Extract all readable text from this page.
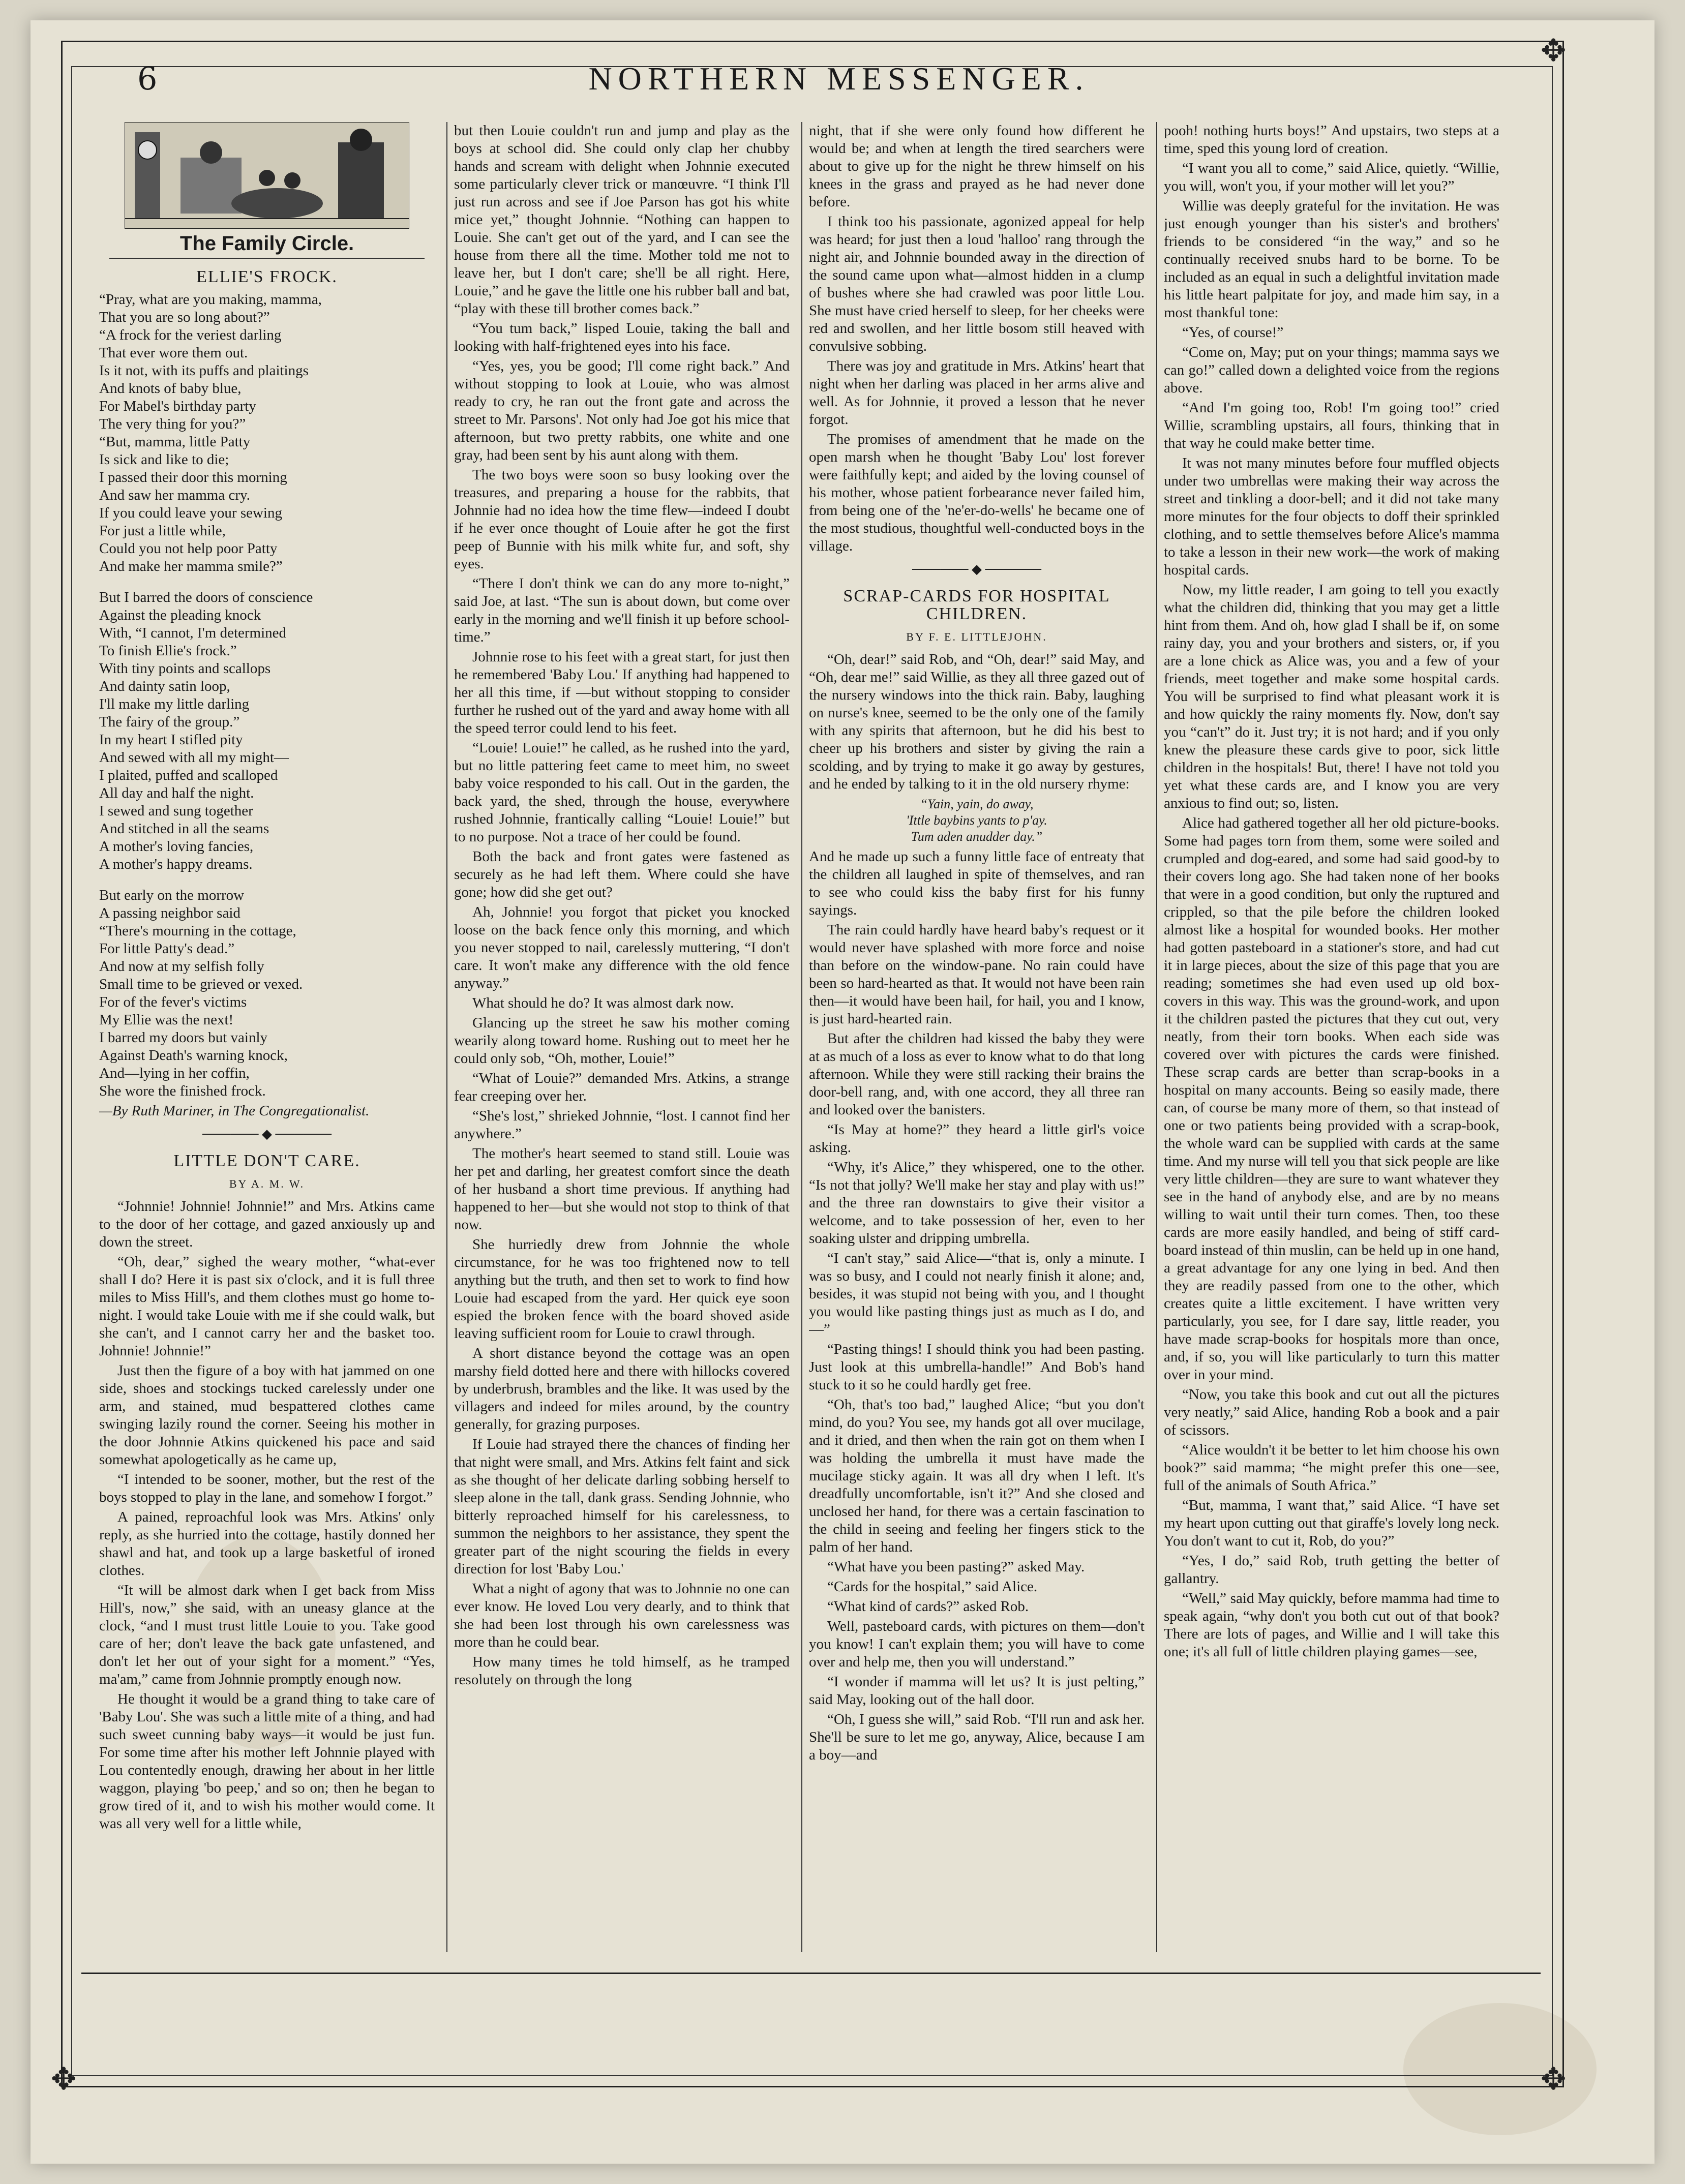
✥	✥
✥
6	NORTHERN MESSENGER.
The Family Circle.
ELLIE'S FROCK.

“Pray, what are you making, mamma,
That you are so long about?”
“A frock for the veriest darling
That ever wore them out.
Is it not, with its puffs and plaitings
And knots of baby blue,
For Mabel's birthday party
The very thing for you?”
“But, mamma, little Patty
Is sick and like to die;
I passed their door this morning
And saw her mamma cry.
If you could leave your sewing
For just a little while,
Could you not help poor Patty
And make her mamma smile?”

But I barred the doors of conscience
Against the pleading knock
With, “I cannot, I'm determined
To finish Ellie's frock.”
With tiny points and scallops
And dainty satin loop,
I'll make my little darling
The fairy of the group.”
In my heart I stifled pity
And sewed with all my might—
I plaited, puffed and scalloped
All day and half the night.
I sewed and sung together
And stitched in all the seams
A mother's loving fancies,
A mother's happy dreams.

But early on the morrow
A passing neighbor said
“There's mourning in the cottage,
For little Patty's dead.”
And now at my selfish folly
Small time to be grieved or vexed.
For of the fever's victims
My Ellie was the next!
I barred my doors but vainly
Against Death's warning knock,
And—lying in her coffin,
She wore the finished frock.

—By Ruth Mariner, in The Congregationalist.
────── ◆ ──────
LITTLE DON'T CARE.
BY A. M. W.

“Johnnie! Johnnie! Johnnie!” and Mrs. Atkins came to the door of her cottage, and gazed anxiously up and down the street.

“Oh, dear,” sighed the weary mother, “what-ever shall I do? Here it is past six o'clock, and it is full three miles to Miss Hill's, and them clothes must go home to-night. I would take Louie with me if she could walk, but she can't, and I cannot carry her and the basket too. Johnnie! Johnnie!”

Just then the figure of a boy with hat jammed on one side, shoes and stockings tucked carelessly under one arm, and stained, mud bespattered clothes came swinging lazily round the corner. Seeing his mother in the door Johnnie Atkins quickened his pace and said somewhat apologetically as he came up,

“I intended to be sooner, mother, but the rest of the boys stopped to play in the lane, and somehow I forgot.”

A pained, reproachful look was Mrs. Atkins' only reply, as she hurried into the cottage, hastily donned her shawl and hat, and took up a large basketful of ironed clothes.

“It will be almost dark when I get back from Miss Hill's, now,” she said, with an uneasy glance at the clock, “and I must trust little Louie to you. Take good care of her; don't leave the back gate unfastened, and don't let her out of your sight for a moment.” “Yes, ma'am,” came from Johnnie promptly enough now.

He thought it would be a grand thing to take care of 'Baby Lou'. She was such a little mite of a thing, and had such sweet cunning baby ways—it would be just fun. For some time after his mother left Johnnie played with Lou contentedly enough, drawing her about in her little waggon, playing 'bo peep,' and so on; then he began to grow tired of it, and to wish his mother would come. It was all very well for a little while,

but then Louie couldn't run and jump and play as the boys at school did. She could only clap her chubby hands and scream with delight when Johnnie executed some particularly clever trick or manœuvre. “I think I'll just run across and see if Joe Parson has got his white mice yet,” thought Johnnie. “Nothing can happen to Louie. She can't get out of the yard, and I can see the house from there all the time. Mother told me not to leave her, but I don't care; she'll be all right. Here, Louie,” and he gave the little one his rubber ball and bat, “play with these till brother comes back.”

“You tum back,” lisped Louie, taking the ball and looking with half-frightened eyes into his face.

“Yes, yes, you be good; I'll come right back.” And without stopping to look at Louie, who was almost ready to cry, he ran out the front gate and across the street to Mr. Parsons'. Not only had Joe got his mice that afternoon, but two pretty rabbits, one white and one gray, had been sent by his aunt along with them.

The two boys were soon so busy looking over the treasures, and preparing a house for the rabbits, that Johnnie had no idea how the time flew—indeed I doubt if he ever once thought of Louie after he got the first peep of Bunnie with his milk white fur, and soft, shy eyes.

“There I don't think we can do any more to-night,” said Joe, at last. “The sun is about down, but come over early in the morning and we'll finish it up before school-time.”

Johnnie rose to his feet with a great start, for just then he remembered 'Baby Lou.' If anything had happened to her all this time, if —but without stopping to consider further he rushed out of the yard and away home with all the speed terror could lend to his feet.

“Louie! Louie!” he called, as he rushed into the yard, but no little pattering feet came to meet him, no sweet baby voice responded to his call. Out in the garden, the back yard, the shed, through the house, everywhere rushed Johnnie, frantically calling “Louie! Louie!” but to no purpose. Not a trace of her could be found.

Both the back and front gates were fastened as securely as he had left them. Where could she have gone; how did she get out?

Ah, Johnnie! you forgot that picket you knocked loose on the back fence only this morning, and which you never stopped to nail, carelessly muttering, “I don't care. It won't make any difference with the old fence anyway.”

What should he do? It was almost dark now.

Glancing up the street he saw his mother coming wearily along toward home. Rushing out to meet her he could only sob, “Oh, mother, Louie!”

“What of Louie?” demanded Mrs. Atkins, a strange fear creeping over her.

“She's lost,” shrieked Johnnie, “lost. I cannot find her anywhere.”

The mother's heart seemed to stand still. Louie was her pet and darling, her greatest comfort since the death of her husband a short time previous. If anything had happened to her—but she would not stop to think of that now.

She hurriedly drew from Johnnie the whole circumstance, for he was too frightened now to tell anything but the truth, and then set to work to find how Louie had escaped from the yard. Her quick eye soon espied the broken fence with the board shoved aside leaving sufficient room for Louie to crawl through.

A short distance beyond the cottage was an open marshy field dotted here and there with hillocks covered by underbrush, brambles and the like. It was used by the villagers and indeed for miles around, by the country generally, for grazing purposes.

If Louie had strayed there the chances of finding her that night were small, and Mrs. Atkins felt faint and sick as she thought of her delicate darling sobbing herself to sleep alone in the tall, dank grass. Sending Johnnie, who bitterly reproached himself for his carelessness, to summon the neighbors to her assistance, they spent the greater part of the night scouring the fields in every direction for lost 'Baby Lou.'

What a night of agony that was to Johnnie no one can ever know. He loved Lou very dearly, and to think that she had been lost through his own carelessness was more than he could bear.

How many times he told himself, as he tramped resolutely on through the long

night, that if she were only found how different he would be; and when at length the tired searchers were about to give up for the night he threw himself on his knees in the grass and prayed as he had never done before.

I think too his passionate, agonized appeal for help was heard; for just then a loud 'halloo' rang through the night air, and Johnnie bounded away in the direction of the sound came upon what—almost hidden in a clump of bushes where she had crawled was poor little Lou. She must have cried herself to sleep, for her cheeks were red and swollen, and her little bosom still heaved with convulsive sobbing.

There was joy and gratitude in Mrs. Atkins' heart that night when her darling was placed in her arms alive and well. As for Johnnie, it proved a lesson that he never forgot.

The promises of amendment that he made on the open marsh when he thought 'Baby Lou' lost forever were faithfully kept; and aided by the loving counsel of his mother, whose patient forbearance never failed him, from being one of the 'ne'er-do-wells' he became one of the most studious, thoughtful well-conducted boys in the village.

────── ◆ ──────
SCRAP-CARDS FOR HOSPITAL CHILDREN.
BY F. E. LITTLEJOHN.

“Oh, dear!” said Rob, and “Oh, dear!” said May, and “Oh, dear me!” said Willie, as they all three gazed out of the nursery windows into the thick rain. Baby, laughing on nurse's knee, seemed to be the only one of the family with any spirits that afternoon, but he did his best to cheer up his brothers and sister by giving the rain a scolding, and by trying to make it go away by gestures, and he ended by talking to it in the old nursery rhyme:

“Yain, yain, do away,
'Ittle baybins yants to p'ay.
Tum aden anudder day.”

And he made up such a funny little face of entreaty that the children all laughed in spite of themselves, and ran to see who could kiss the baby first for his funny sayings.

The rain could hardly have heard baby's request or it would never have splashed with more force and noise than before on the window-pane. No rain could have been so hard-hearted as that. It would not have been rain then—it would have been hail, for hail, you and I know, is just hard-hearted rain.

But after the children had kissed the baby they were at as much of a loss as ever to know what to do that long afternoon. While they were still racking their brains the door-bell rang, and, with one accord, they all three ran and looked over the banisters.

“Is May at home?” they heard a little girl's voice asking.

“Why, it's Alice,” they whispered, one to the other. “Is not that jolly? We'll make her stay and play with us!” and the three ran downstairs to give their visitor a welcome, and to take possession of her, even to her soaking ulster and dripping umbrella.

“I can't stay,” said Alice—“that is, only a minute. I was so busy, and I could not nearly finish it alone; and, besides, it was stupid not being with you, and I thought you would like pasting things just as much as I do, and—”

“Pasting things! I should think you had been pasting. Just look at this umbrella-handle!” And Bob's hand stuck to it so he could hardly get free.

“Oh, that's too bad,” laughed Alice; “but you don't mind, do you? You see, my hands got all over mucilage, and it dried, and then when the rain got on them when I was holding the umbrella it must have made the mucilage sticky again. It was all dry when I left. It's dreadfully uncomfortable, isn't it?” And she closed and unclosed her hand, for there was a certain fascination to the child in seeing and feeling her fingers stick to the palm of her hand.

“What have you been pasting?” asked May.

“Cards for the hospital,” said Alice.

“What kind of cards?” asked Rob.

Well, pasteboard cards, with pictures on them—don't you know! I can't explain them; you will have to come over and help me, then you will understand.”

“I wonder if mamma will let us? It is just pelting,” said May, looking out of the hall door.

“Oh, I guess she will,” said Rob. “I'll run and ask her. She'll be sure to let me go, anyway, Alice, because I am a boy—and

pooh! nothing hurts boys!” And upstairs, two steps at a time, sped this young lord of creation.

“I want you all to come,” said Alice, quietly. “Willie, you will, won't you, if your mother will let you?”

Willie was deeply grateful for the invitation. He was just enough younger than his sister's and brothers' friends to be considered “in the way,” and so he continually received snubs hard to be borne. To be included as an equal in such a delightful invitation made his little heart palpitate for joy, and made him say, in a most thankful tone:

“Yes, of course!”

“Come on, May; put on your things; mamma says we can go!” called down a delighted voice from the regions above.

“And I'm going too, Rob! I'm going too!” cried Willie, scrambling upstairs, all fours, thinking that in that way he could make better time.

It was not many minutes before four muffled objects under two umbrellas were making their way across the street and tinkling a door-bell; and it did not take many more minutes for the four objects to doff their sprinkled clothing, and to settle themselves before Alice's mamma to take a lesson in their new work—the work of making hospital cards.

Now, my little reader, I am going to tell you exactly what the children did, thinking that you may get a little hint from them. And oh, how glad I shall be if, on some rainy day, you and your brothers and sisters, or, if you are a lone chick as Alice was, you and a few of your friends, meet together and make some hospital cards. You will be surprised to find what pleasant work it is and how quickly the rainy moments fly. Now, don't say you “can't” do it. Just try; it is not hard; and if you only knew the pleasure these cards give to poor, sick little children in the hospitals! But, there! I have not told you yet what these cards are, and I know you are very anxious to find out; so, listen.

Alice had gathered together all her old picture-books. Some had pages torn from them, some were soiled and crumpled and dog-eared, and some had said good-by to their covers long ago. She had taken none of her books that were in a good condition, but only the ruptured and crippled, so that the pile before the children looked almost like a hospital for wounded books. Her mother had gotten pasteboard in a stationer's store, and had cut it in large pieces, about the size of this page that you are reading; sometimes she had even used up old box-covers in this way. This was the ground-work, and upon it the children pasted the pictures that they cut out, very neatly, from their torn books. When each side was covered over with pictures the cards were finished. These scrap cards are better than scrap-books in a hospital on many accounts. Being so easily made, there can, of course be many more of them, so that instead of one or two patients being provided with a scrap-book, the whole ward can be supplied with cards at the same time. And my nurse will tell you that sick people are like very little children—they are sure to want whatever they see in the hand of anybody else, and are by no means willing to wait until their turn comes. Then, too these cards are more easily handled, and being of stiff card-board instead of thin muslin, can be held up in one hand, a great advantage for any one lying in bed. And then they are readily passed from one to the other, which creates quite a little excitement. I have written very particularly, you see, for I dare say, little reader, you have made scrap-books for hospitals more than once, and, if so, you will like particularly to turn this matter over in your mind.

“Now, you take this book and cut out all the pictures very neatly,” said Alice, handing Rob a book and a pair of scissors.

“Alice wouldn't it be better to let him choose his own book?” said mamma; “he might prefer this one—see, full of the animals of South Africa.”

“But, mamma, I want that,” said Alice. “I have set my heart upon cutting out that giraffe's lovely long neck. You don't want to cut it, Rob, do you?”

“Yes, I do,” said Rob, truth getting the better of gallantry.

“Well,” said May quickly, before mamma had time to speak again, “why don't you both cut out of that book? There are lots of pages, and Willie and I will take this one; it's all full of little children playing games—see,
